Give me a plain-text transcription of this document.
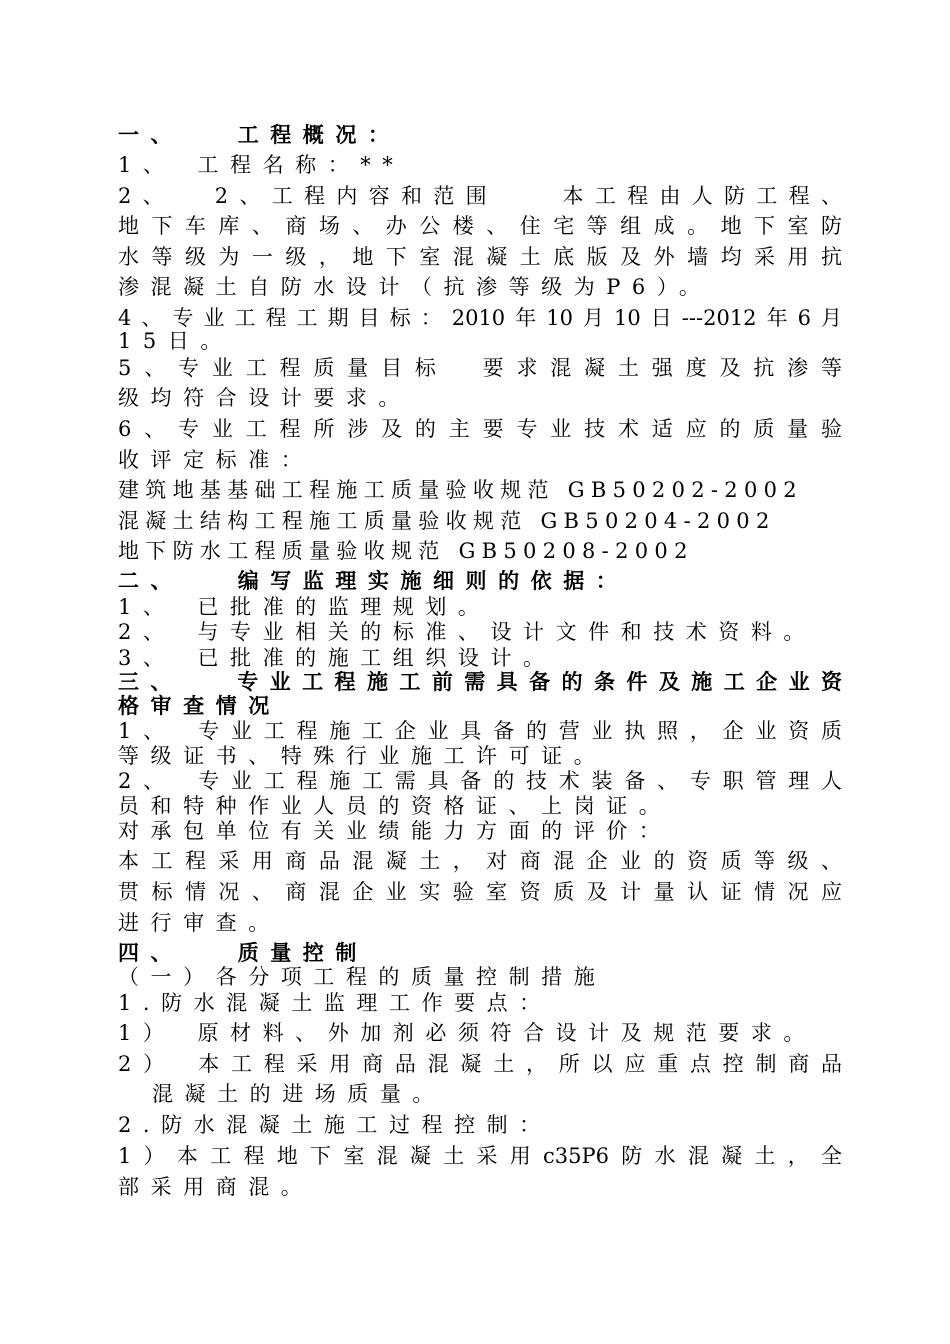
一、　　工程概况：
1、　工程名称：**
2、　 2、工程内容和范围　　本工程由人防工程、
地下车库、商场、办公楼、住宅等组成。地下室防
水等级为一级，地下室混凝土底版及外墙均采用抗
渗混凝土自防水设计（抗渗等级为P6）。
4、专业工程工期目标：2010年10月10日---2012年6月
15日。
5、专业工程质量目标　要求混凝土强度及抗渗等
级均符合设计要求。
6、专业工程所涉及的主要专业技术适应的质量验
收评定标准：
建筑地基基础工程施工质量验收规范 GB50202-2002
混凝土结构工程施工质量验收规范 GB50204-2002
地下防水工程质量验收规范 GB50208-2002
二、　　编写监理实施细则的依据：
1、　已批准的监理规划。
2、　与专业相关的标准、设计文件和技术资料。
3、　已批准的施工组织设计。
三、　　专业工程施工前需具备的条件及施工企业资
格审查情况
1、　专业工程施工企业具备的营业执照，企业资质
等级证书、特殊行业施工许可证。
2、　专业工程施工需具备的技术装备、专职管理人
员和特种作业人员的资格证、上岗证。
对承包单位有关业绩能力方面的评价：
本工程采用商品混凝土，对商混企业的资质等级、
贯标情况、商混企业实验室资质及计量认证情况应
进行审查。
四、　　质量控制
（一）各分项工程的质量控制措施
1.防水混凝土监理工作要点：
1）　原材料、外加剂必须符合设计及规范要求。
2）　本工程采用商品混凝土，所以应重点控制商品
混凝土的进场质量。
2.防水混凝土施工过程控制：
1）本工程地下室混凝土采用c35P6防水混凝土，全
部采用商混。
